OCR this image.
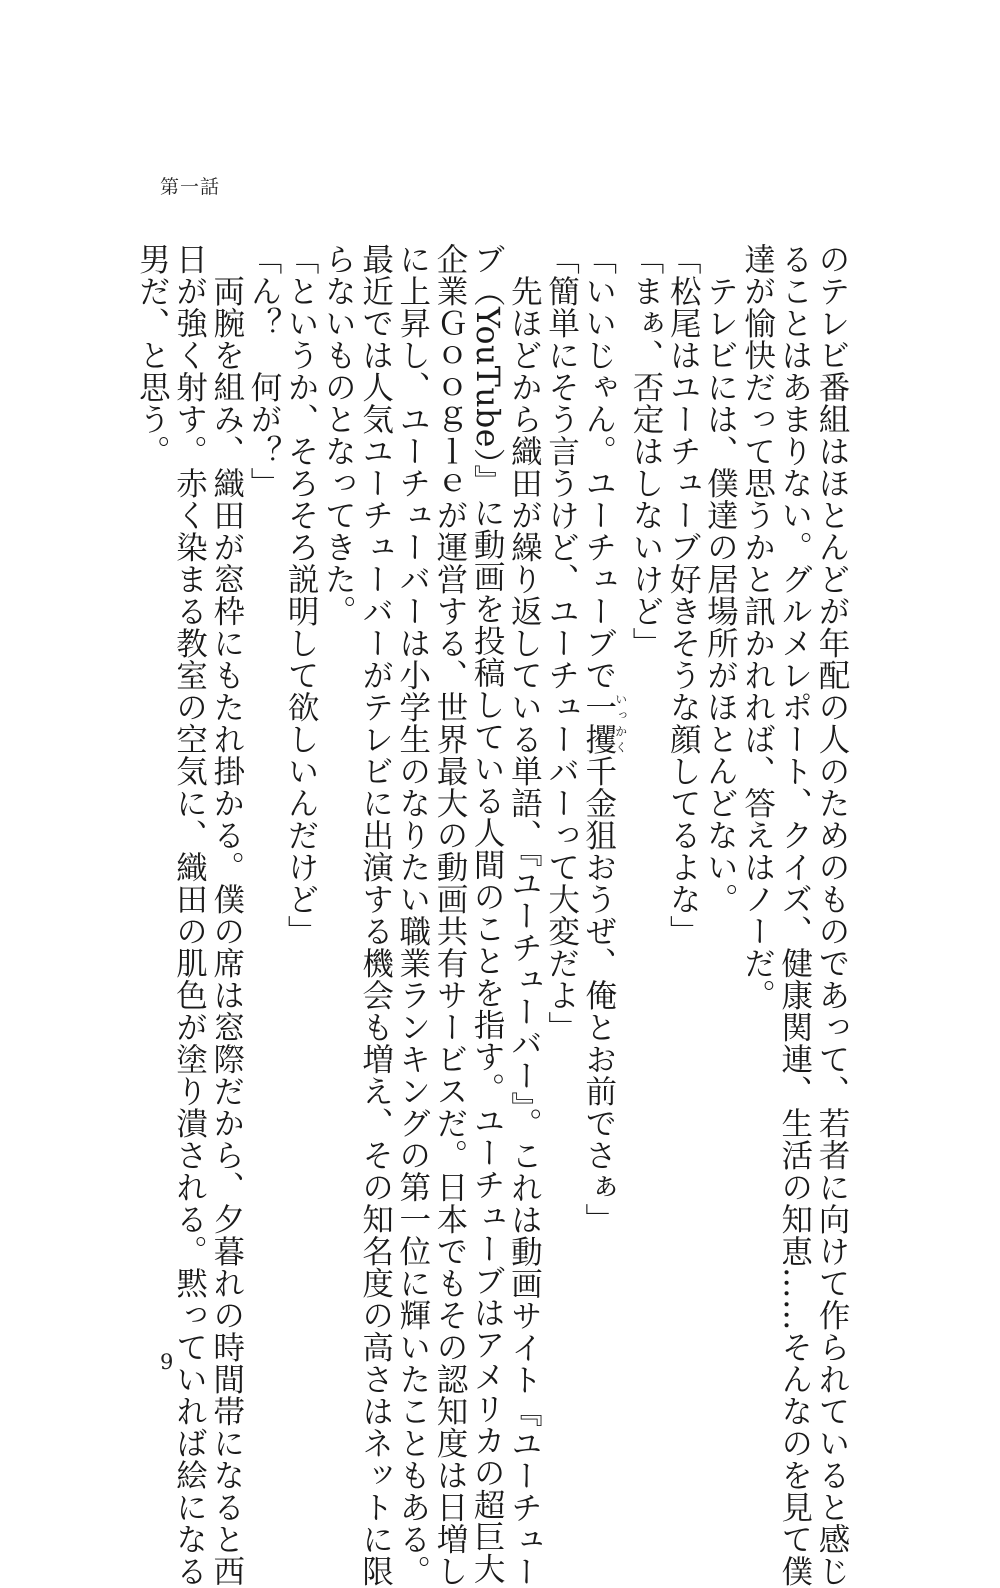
第一話
のテレビ番組はほとんどが年配の人のためのものであって、若者に向けて作られていると感じ
ることはあまりない。グルメレポート、クイズ、健康関連、生活の知恵……そんなのを見て僕
達が愉快だって思うかと訊かれれば、答えはノーだ。
　テレビには、僕達の居場所がほとんどない。
「松尾はユーチューブ好きそうな顔してるよな」
「まぁ、否定はしないけど」
「いいじゃん。ユーチューブで一攫いっかく千金狙おうぜ、俺とお前でさぁ」
「簡単にそう言うけど、ユーチューバーって大変だよ」
　先ほどから織田が繰り返している単語、『ユーチューバー』。これは動画サイト『ユーチュー
ブ（YouTube）』に動画を投稿している人間のことを指す。ユーチューブはアメリカの超巨大
企業Ｇｏｏｇｌｅが運営する、世界最大の動画共有サービスだ。日本でもその認知度は日増し
に上昇し、ユーチューバーは小学生のなりたい職業ランキングの第一位に輝いたこともある。
最近では人気ユーチューバーがテレビに出演する機会も増え、その知名度の高さはネットに限
らないものとなってきた。
「というか、そろそろ説明して欲しいんだけど」
「ん？　何が？」
　両腕を組み、織田が窓枠にもたれ掛かる。僕の席は窓際だから、夕暮れの時間帯になると西
日が強く射す。赤く染まる教室の空気に、織田の肌色が塗り潰される。黙っていれば絵になる
男だ、と思う。
9
